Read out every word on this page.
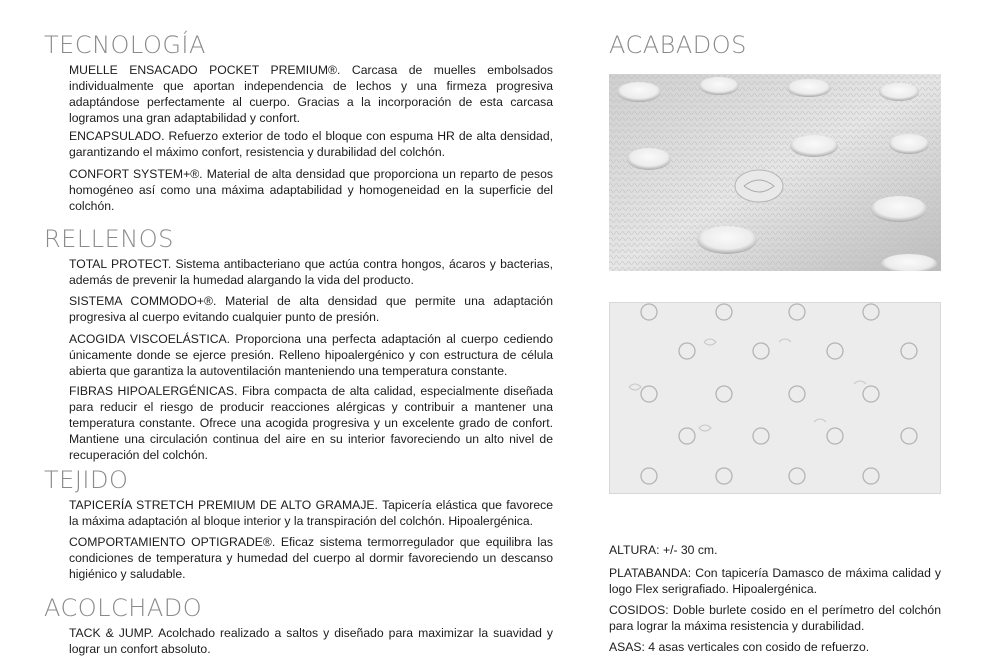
TECNOLOGÍA

MUELLE ENSACADO POCKET PREMIUM®. Carcasa de muelles embolsados individualmente que aportan independencia de lechos y una firmeza progresiva adaptándose perfectamente al cuerpo. Gracias a la incorporación de esta carcasa logramos una gran adaptabilidad y confort.

ENCAPSULADO. Refuerzo exterior de todo el bloque con espuma HR de alta densidad, garantizando el máximo confort, resistencia y durabilidad del colchón.

CONFORT SYSTEM+®. Material de alta densidad que proporciona un reparto de pesos homogéneo así como una máxima adaptabilidad y homogeneidad en la superficie del colchón.

RELLENOS

TOTAL PROTECT. Sistema antibacteriano que actúa contra hongos, ácaros y bacterias, además de prevenir la humedad alargando la vida del producto.

SISTEMA COMMODO+®. Material de alta densidad que permite una adaptación progresiva al cuerpo evitando cualquier punto de presión.

ACOGIDA VISCOELÁSTICA. Proporciona una perfecta adaptación al cuerpo cediendo únicamente donde se ejerce presión. Relleno hipoalergénico y con estructura de célula abierta que garantiza la autoventilación manteniendo una temperatura constante.

FIBRAS HIPOALERGÉNICAS. Fibra compacta de alta calidad, especialmente diseñada para reducir el riesgo de producir reacciones alérgicas y contribuir a mantener una temperatura constante. Ofrece una acogida progresiva y un excelente grado de confort. Mantiene una circulación continua del aire en su interior favoreciendo un alto nivel de recuperación del colchón.

TEJIDO

TAPICERÍA STRETCH PREMIUM DE ALTO GRAMAJE. Tapicería elástica que favorece la máxima adaptación al bloque interior y la transpiración del colchón. Hipoalergénica.

COMPORTAMIENTO OPTIGRADE®. Eficaz sistema termorregulador que equilibra las condiciones de temperatura y humedad del cuerpo al dormir favoreciendo un descanso higiénico y saludable.

ACOLCHADO

TACK & JUMP. Acolchado realizado a saltos y diseñado para maximizar la suavidad y lograr un confort absoluto.

ACABADOS

ALTURA: +/- 30 cm.

PLATABANDA: Con tapicería Damasco de máxima calidad y logo Flex serigrafiado. Hipoalergénica.

COSIDOS: Doble burlete cosido en el perímetro del colchón para lograr la máxima resistencia y durabilidad.

ASAS: 4 asas verticales con cosido de refuerzo.
